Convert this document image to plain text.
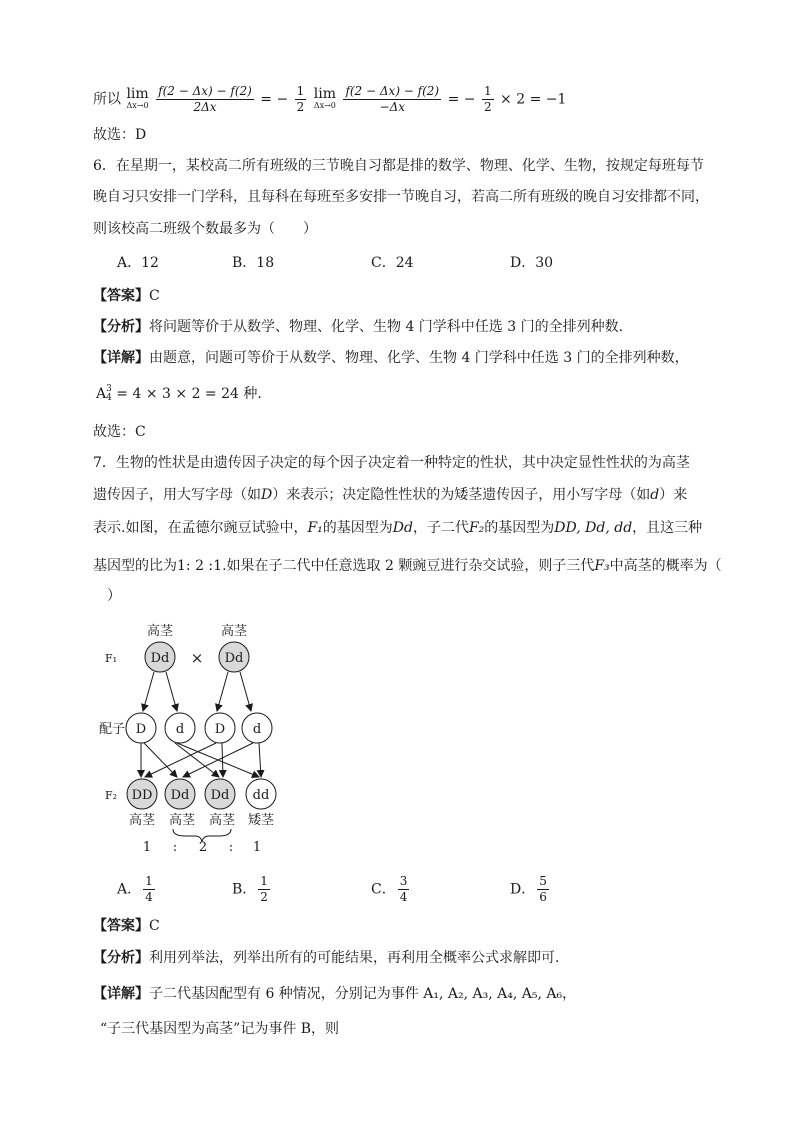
所以 lim
Δx→0
$\frac{f(2 - \Delta x) - f(2)}{2\Delta x}$ = − $\frac{1}{2}$
lim
Δx→0
$\frac{f(2 - \Delta x) - f(2)}{-\Delta x}$ = − $\frac{1}{2} \times 2 = -1$
故选：D
6．在星期一，某校高二所有班级的三节晚自习都是排的数学、物理、化学、生物，按规定每班每节
晚自习只安排一门学科，且每科在每班至多安排一节晚自习，若高二所有班级的晚自习安排都不同，
则该校高二班级个数最多为（　　）
A．12	B．18	C．24	D．30
【答案】C
【分析】将问题等价于从数学、物理、化学、生物 4 门学科中任选 3 门的全排列种数.
【详解】由题意，问题可等价于从数学、物理、化学、生物 4 门学科中任选 3 门的全排列种数，
A 3
4 = 4 × 3 × 2 = 24 种.
故选：C
7．生物的性状是由遗传因子决定的每个因子决定着一种特定的性状，其中决定显性性状的为高茎
遗传因子，用大写字母（如D）来表示；决定隐性性状的为矮茎遗传因子，用小写字母（如d）来
表示.如图，在孟德尔豌豆试验中，F₁的基因型为Dd，子二代F₂的基因型为DD, Dd, dd，且这三种
基因型的比为1: 2 :1.如果在子二代中任意选取 2 颗豌豆进行杂交试验，则子三代F₃中高茎的概率为（
　）
F₁
配子
F₂
高茎	高茎
Dd	Dd
×
D d D d
DD Dd Dd dd
高茎 高茎 高茎 矮茎
1 : 2 : 1
A． $\frac{1}{4}$	B． $\frac{1}{2}$	C． $\frac{3}{4}$	D． $\frac{5}{6}$
【答案】C
【分析】利用列举法，列举出所有的可能结果，再利用全概率公式求解即可.
【详解】子二代基因配型有 6 种情况，分别记为事件 A₁, A₂, A₃, A₄, A₅, A₆，
“子三代基因型为高茎”记为事件 B，则
